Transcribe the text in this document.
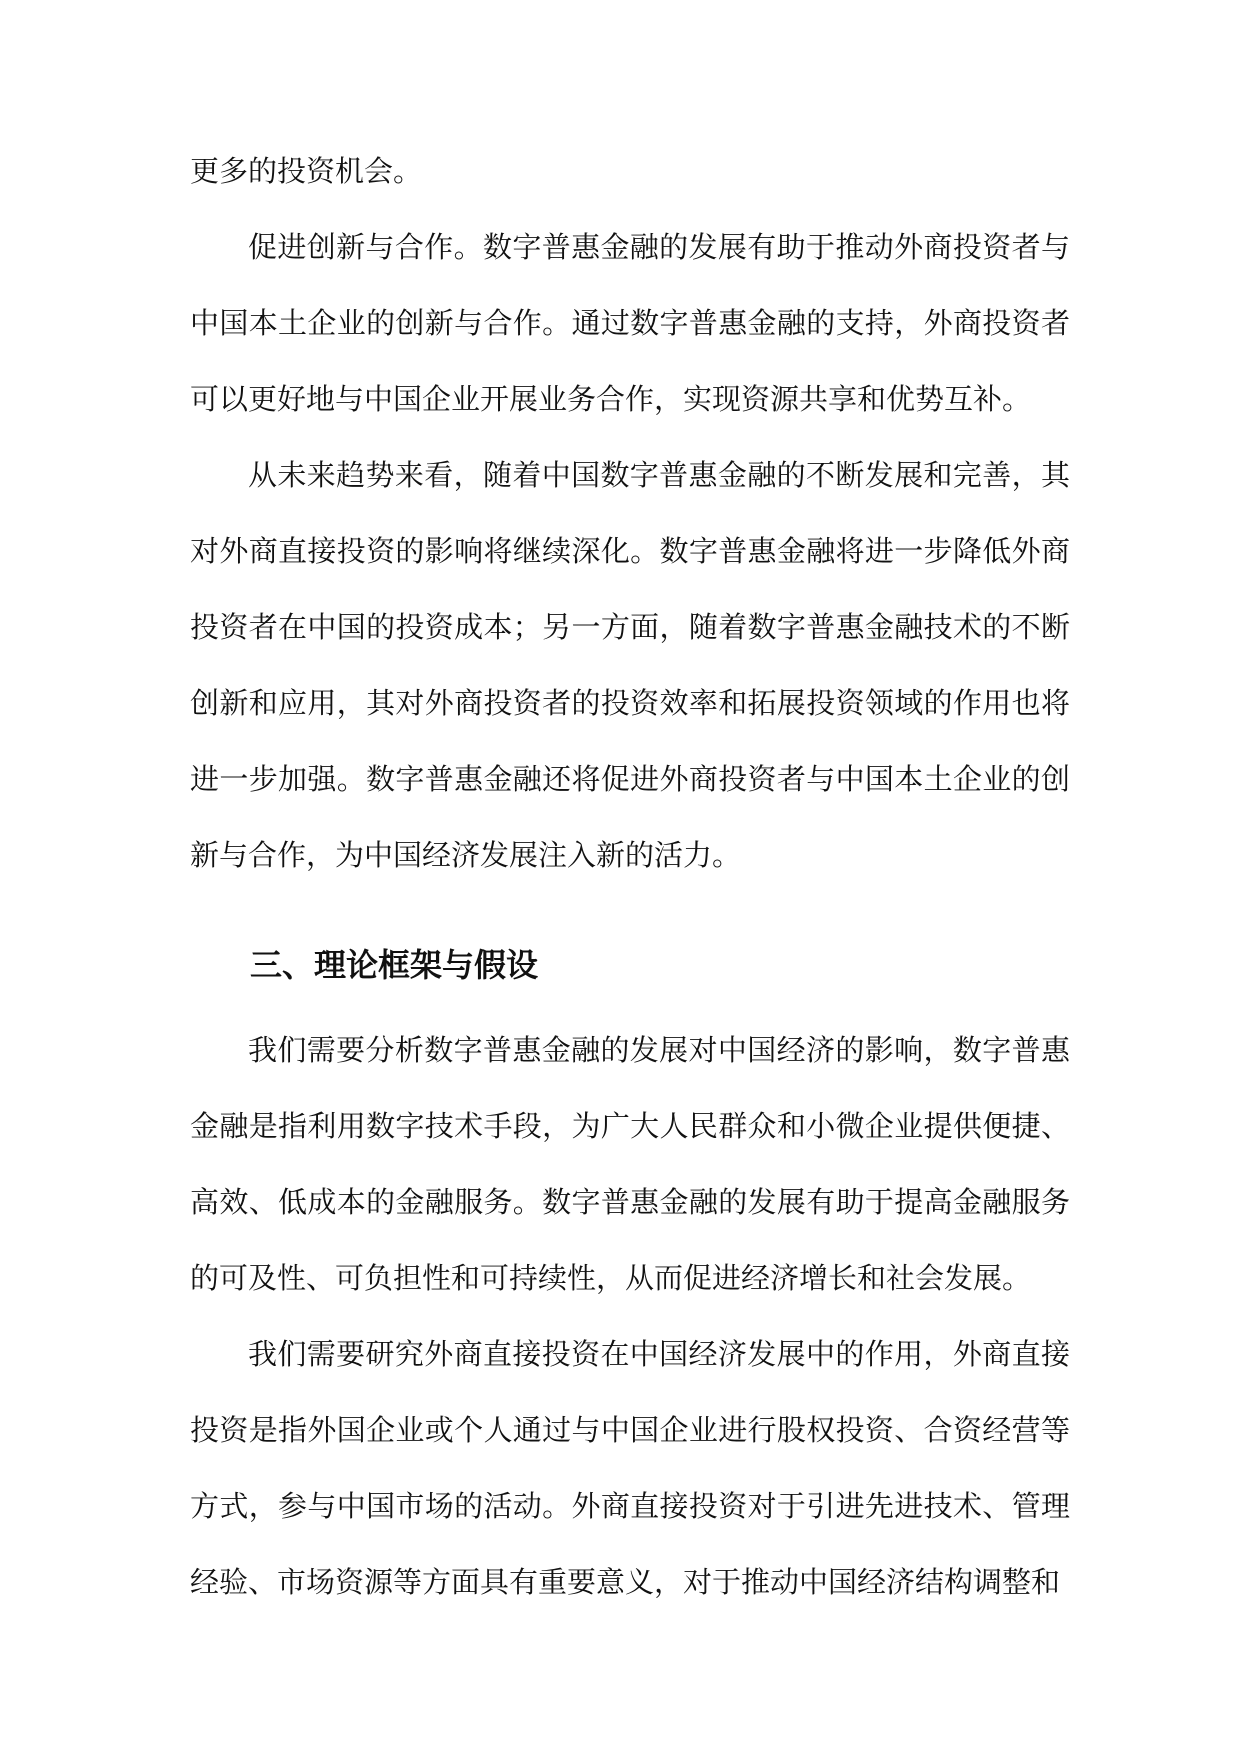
更多的投资机会。

促进创新与合作。数字普惠金融的发展有助于推动外商投资者与中国本土企业的创新与合作。通过数字普惠金融的支持，外商投资者可以更好地与中国企业开展业务合作，实现资源共享和优势互补。

从未来趋势来看，随着中国数字普惠金融的不断发展和完善，其对外商直接投资的影响将继续深化。数字普惠金融将进一步降低外商投资者在中国的投资成本；另一方面，随着数字普惠金融技术的不断创新和应用，其对外商投资者的投资效率和拓展投资领域的作用也将进一步加强。数字普惠金融还将促进外商投资者与中国本土企业的创新与合作，为中国经济发展注入新的活力。

三、理论框架与假设

我们需要分析数字普惠金融的发展对中国经济的影响，数字普惠金融是指利用数字技术手段，为广大人民群众和小微企业提供便捷、高效、低成本的金融服务。数字普惠金融的发展有助于提高金融服务的可及性、可负担性和可持续性，从而促进经济增长和社会发展。

我们需要研究外商直接投资在中国经济发展中的作用，外商直接投资是指外国企业或个人通过与中国企业进行股权投资、合资经营等方式，参与中国市场的活动。外商直接投资对于引进先进技术、管理经验、市场资源等方面具有重要意义，对于推动中国经济结构调整和
